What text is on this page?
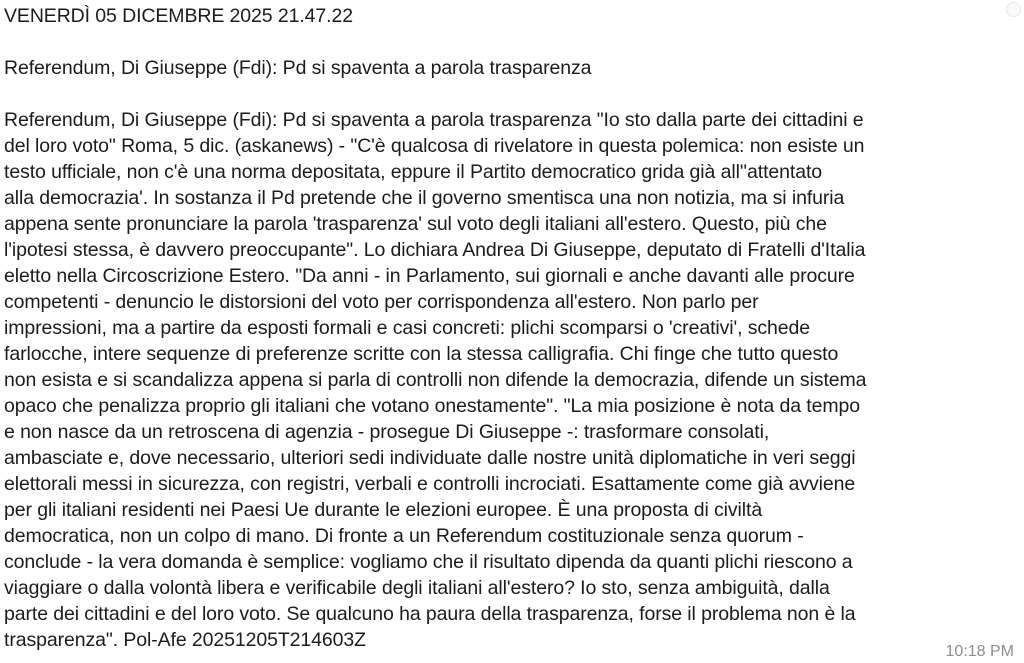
VENERDÌ 05 DICEMBRE 2025 21.47.22
Referendum, Di Giuseppe (Fdi): Pd si spaventa a parola trasparenza
Referendum, Di Giuseppe (Fdi): Pd si spaventa a parola trasparenza "Io sto dalla parte dei cittadini e
del loro voto" Roma, 5 dic. (askanews) - "C'è qualcosa di rivelatore in questa polemica: non esiste un
testo ufficiale, non c'è una norma depositata, eppure il Partito democratico grida già all''attentato
alla democrazia'. In sostanza il Pd pretende che il governo smentisca una non notizia, ma si infuria
appena sente pronunciare la parola 'trasparenza' sul voto degli italiani all'estero. Questo, più che
l'ipotesi stessa, è davvero preoccupante". Lo dichiara Andrea Di Giuseppe, deputato di Fratelli d'Italia
eletto nella Circoscrizione Estero. "Da anni - in Parlamento, sui giornali e anche davanti alle procure
competenti - denuncio le distorsioni del voto per corrispondenza all'estero. Non parlo per
impressioni, ma a partire da esposti formali e casi concreti: plichi scomparsi o 'creativi', schede
farlocche, intere sequenze di preferenze scritte con la stessa calligrafia. Chi finge che tutto questo
non esista e si scandalizza appena si parla di controlli non difende la democrazia, difende un sistema
opaco che penalizza proprio gli italiani che votano onestamente". "La mia posizione è nota da tempo
e non nasce da un retroscena di agenzia - prosegue Di Giuseppe -: trasformare consolati,
ambasciate e, dove necessario, ulteriori sedi individuate dalle nostre unità diplomatiche in veri seggi
elettorali messi in sicurezza, con registri, verbali e controlli incrociati. Esattamente come già avviene
per gli italiani residenti nei Paesi Ue durante le elezioni europee. È una proposta di civiltà
democratica, non un colpo di mano. Di fronte a un Referendum costituzionale senza quorum -
conclude - la vera domanda è semplice: vogliamo che il risultato dipenda da quanti plichi riescono a
viaggiare o dalla volontà libera e verificabile degli italiani all'estero? Io sto, senza ambiguità, dalla
parte dei cittadini e del loro voto. Se qualcuno ha paura della trasparenza, forse il problema non è la
trasparenza". Pol-Afe 20251205T214603Z
10:18 PM
